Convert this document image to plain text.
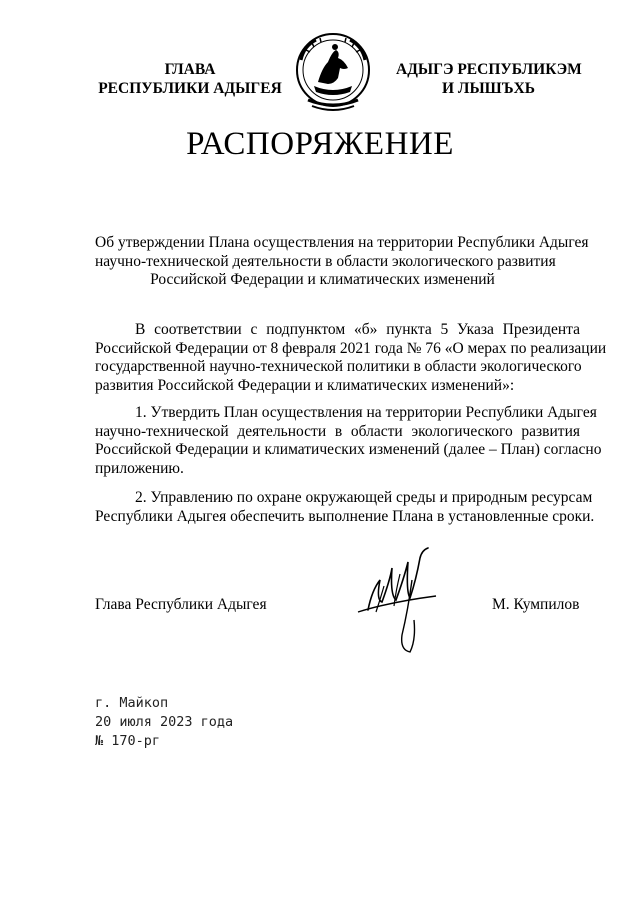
ГЛАВА
РЕСПУБЛИКИ АДЫГЕЯ
АДЫГЭ РЕСПУБЛИКЭМ
И ЛЫШЪХЬ
РАСПОРЯЖЕНИЕ
Об утверждении Плана осуществления на территории Республики Адыгея
научно-технической деятельности в области экологического развития
Российской Федерации и климатических изменений
В соответствии с подпунктом «б» пункта 5 Указа Президента
Российской Федерации от 8 февраля 2021 года № 76 «О мерах по реализации
государственной научно-технической политики в области экологического
развития Российской Федерации и климатических изменений»:
1. Утвердить План осуществления на территории Республики Адыгея
научно-технической деятельности в области экологического развития
Российской Федерации и климатических изменений (далее – План) согласно
приложению.
2. Управлению по охране окружающей среды и природным ресурсам
Республики Адыгея обеспечить выполнение Плана в установленные сроки.
Глава Республики Адыгея	М. Кумпилов
г. Майкоп
20 июля 2023 года
№ 170-рг
